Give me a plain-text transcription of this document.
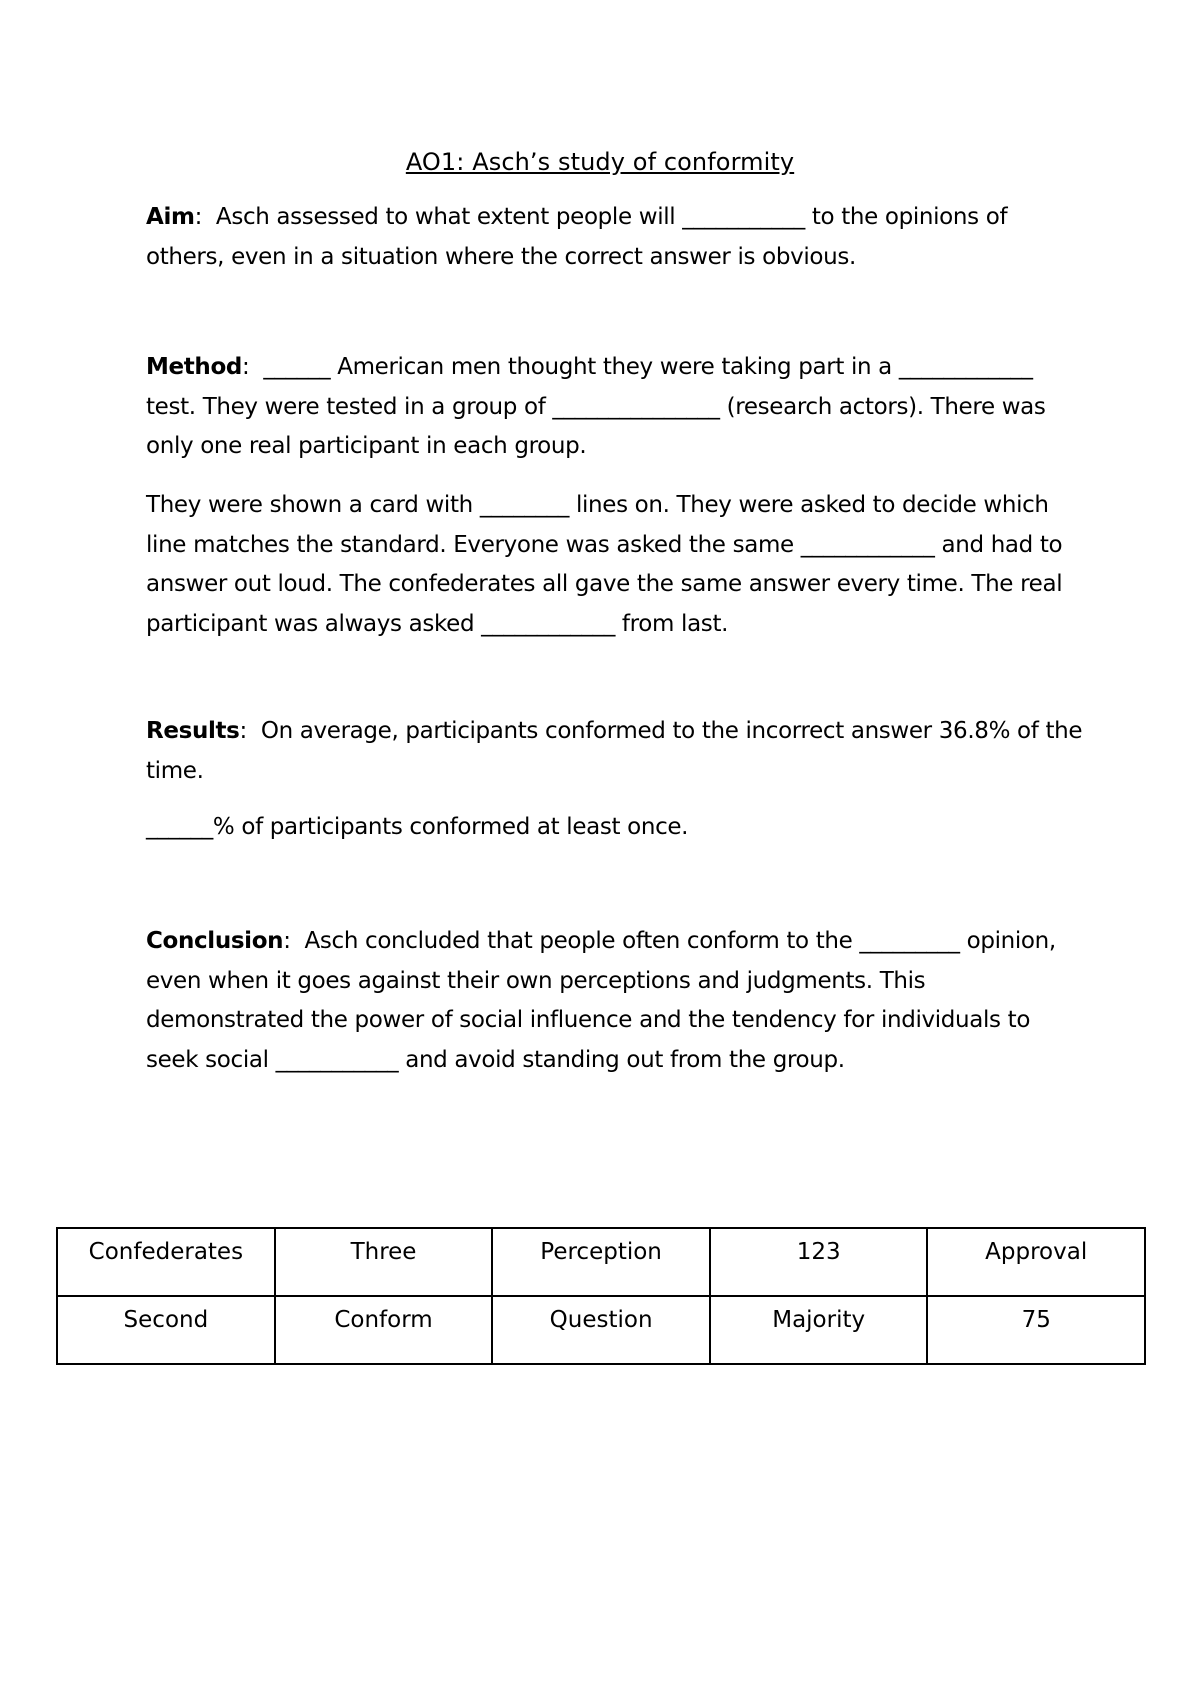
AO1: Asch’s study of conformity

Aim:  Asch assessed to what extent people will ___________ to the opinions of others, even in a situation where the correct answer is obvious.

Method:  ______ American men thought they were taking part in a ____________ test. They were tested in a group of _______________ (research actors). There was only one real participant in each group.

They were shown a card with ________ lines on. They were asked to decide which line matches the standard. Everyone was asked the same ____________ and had to answer out loud. The confederates all gave the same answer every time. The real participant was always asked ____________ from last.

Results:  On average, participants conformed to the incorrect answer 36.8% of the time.

______% of participants conformed at least once.

Conclusion:  Asch concluded that people often conform to the _________ opinion, even when it goes against their own perceptions and judgments. This demonstrated the power of social influence and the tendency for individuals to seek social ___________ and avoid standing out from the group.

Confederates	Three	Perception	123	Approval
Second	Conform	Question	Majority	75
